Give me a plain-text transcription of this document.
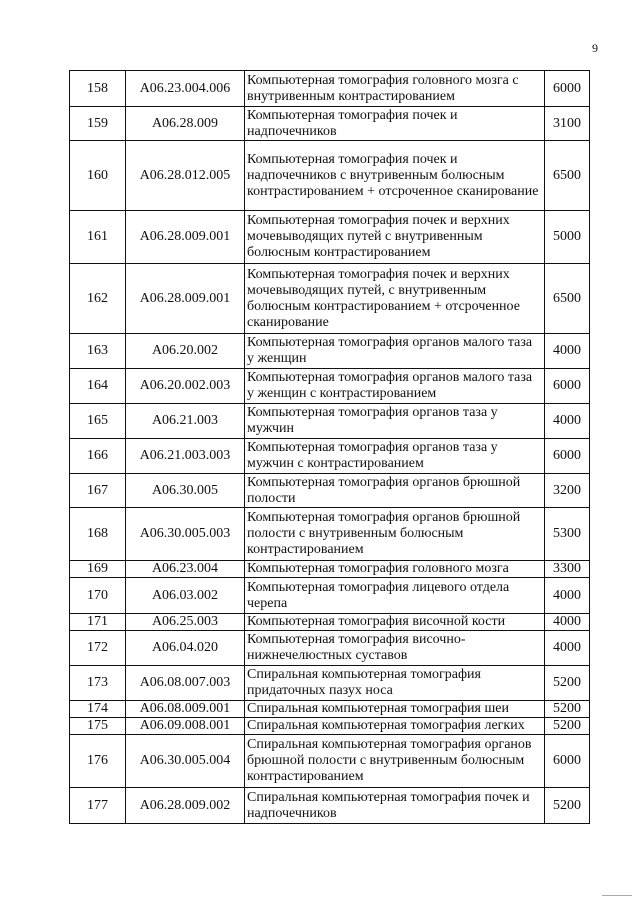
9
158	A06.23.004.006	Компьютерная томография головного мозга с внутривенным контрастированием	6000
159	A06.28.009	Компьютерная томография почек и надпочечников	3100
160	A06.28.012.005	Компьютерная томография почек и надпочечников с внутривенным болюсным контрастированием + отсроченное сканирование	6500
161	A06.28.009.001	Компьютерная томография почек и верхних мочевыводящих путей с внутривенным болюсным контрастированием	5000
162	A06.28.009.001	Компьютерная томография почек и верхних мочевыводящих путей, с внутривенным болюсным контрастированием + отсроченное сканирование	6500
163	A06.20.002	Компьютерная томография органов малого таза у женщин	4000
164	A06.20.002.003	Компьютерная томография органов малого таза у женщин с контрастированием	6000
165	A06.21.003	Компьютерная томография органов таза у мужчин	4000
166	A06.21.003.003	Компьютерная томография органов таза у мужчин с контрастированием	6000
167	A06.30.005	Компьютерная томография органов брюшной полости	3200
168	A06.30.005.003	Компьютерная томография органов брюшной полости с внутривенным болюсным контрастированием	5300
169	A06.23.004	Компьютерная томография головного мозга	3300
170	A06.03.002	Компьютерная томография лицевого отдела черепа	4000
171	A06.25.003	Компьютерная томография височной кости	4000
172	A06.04.020	Компьютерная томография височно-нижнечелюстных суставов	4000
173	A06.08.007.003	Спиральная компьютерная томография придаточных пазух носа	5200
174	A06.08.009.001	Спиральная компьютерная томография шеи	5200
175	A06.09.008.001	Спиральная компьютерная томография легких	5200
176	A06.30.005.004	Спиральная компьютерная томография органов брюшной полости с внутривенным болюсным контрастированием	6000
177	A06.28.009.002	Спиральная компьютерная томография почек и надпочечников	5200
